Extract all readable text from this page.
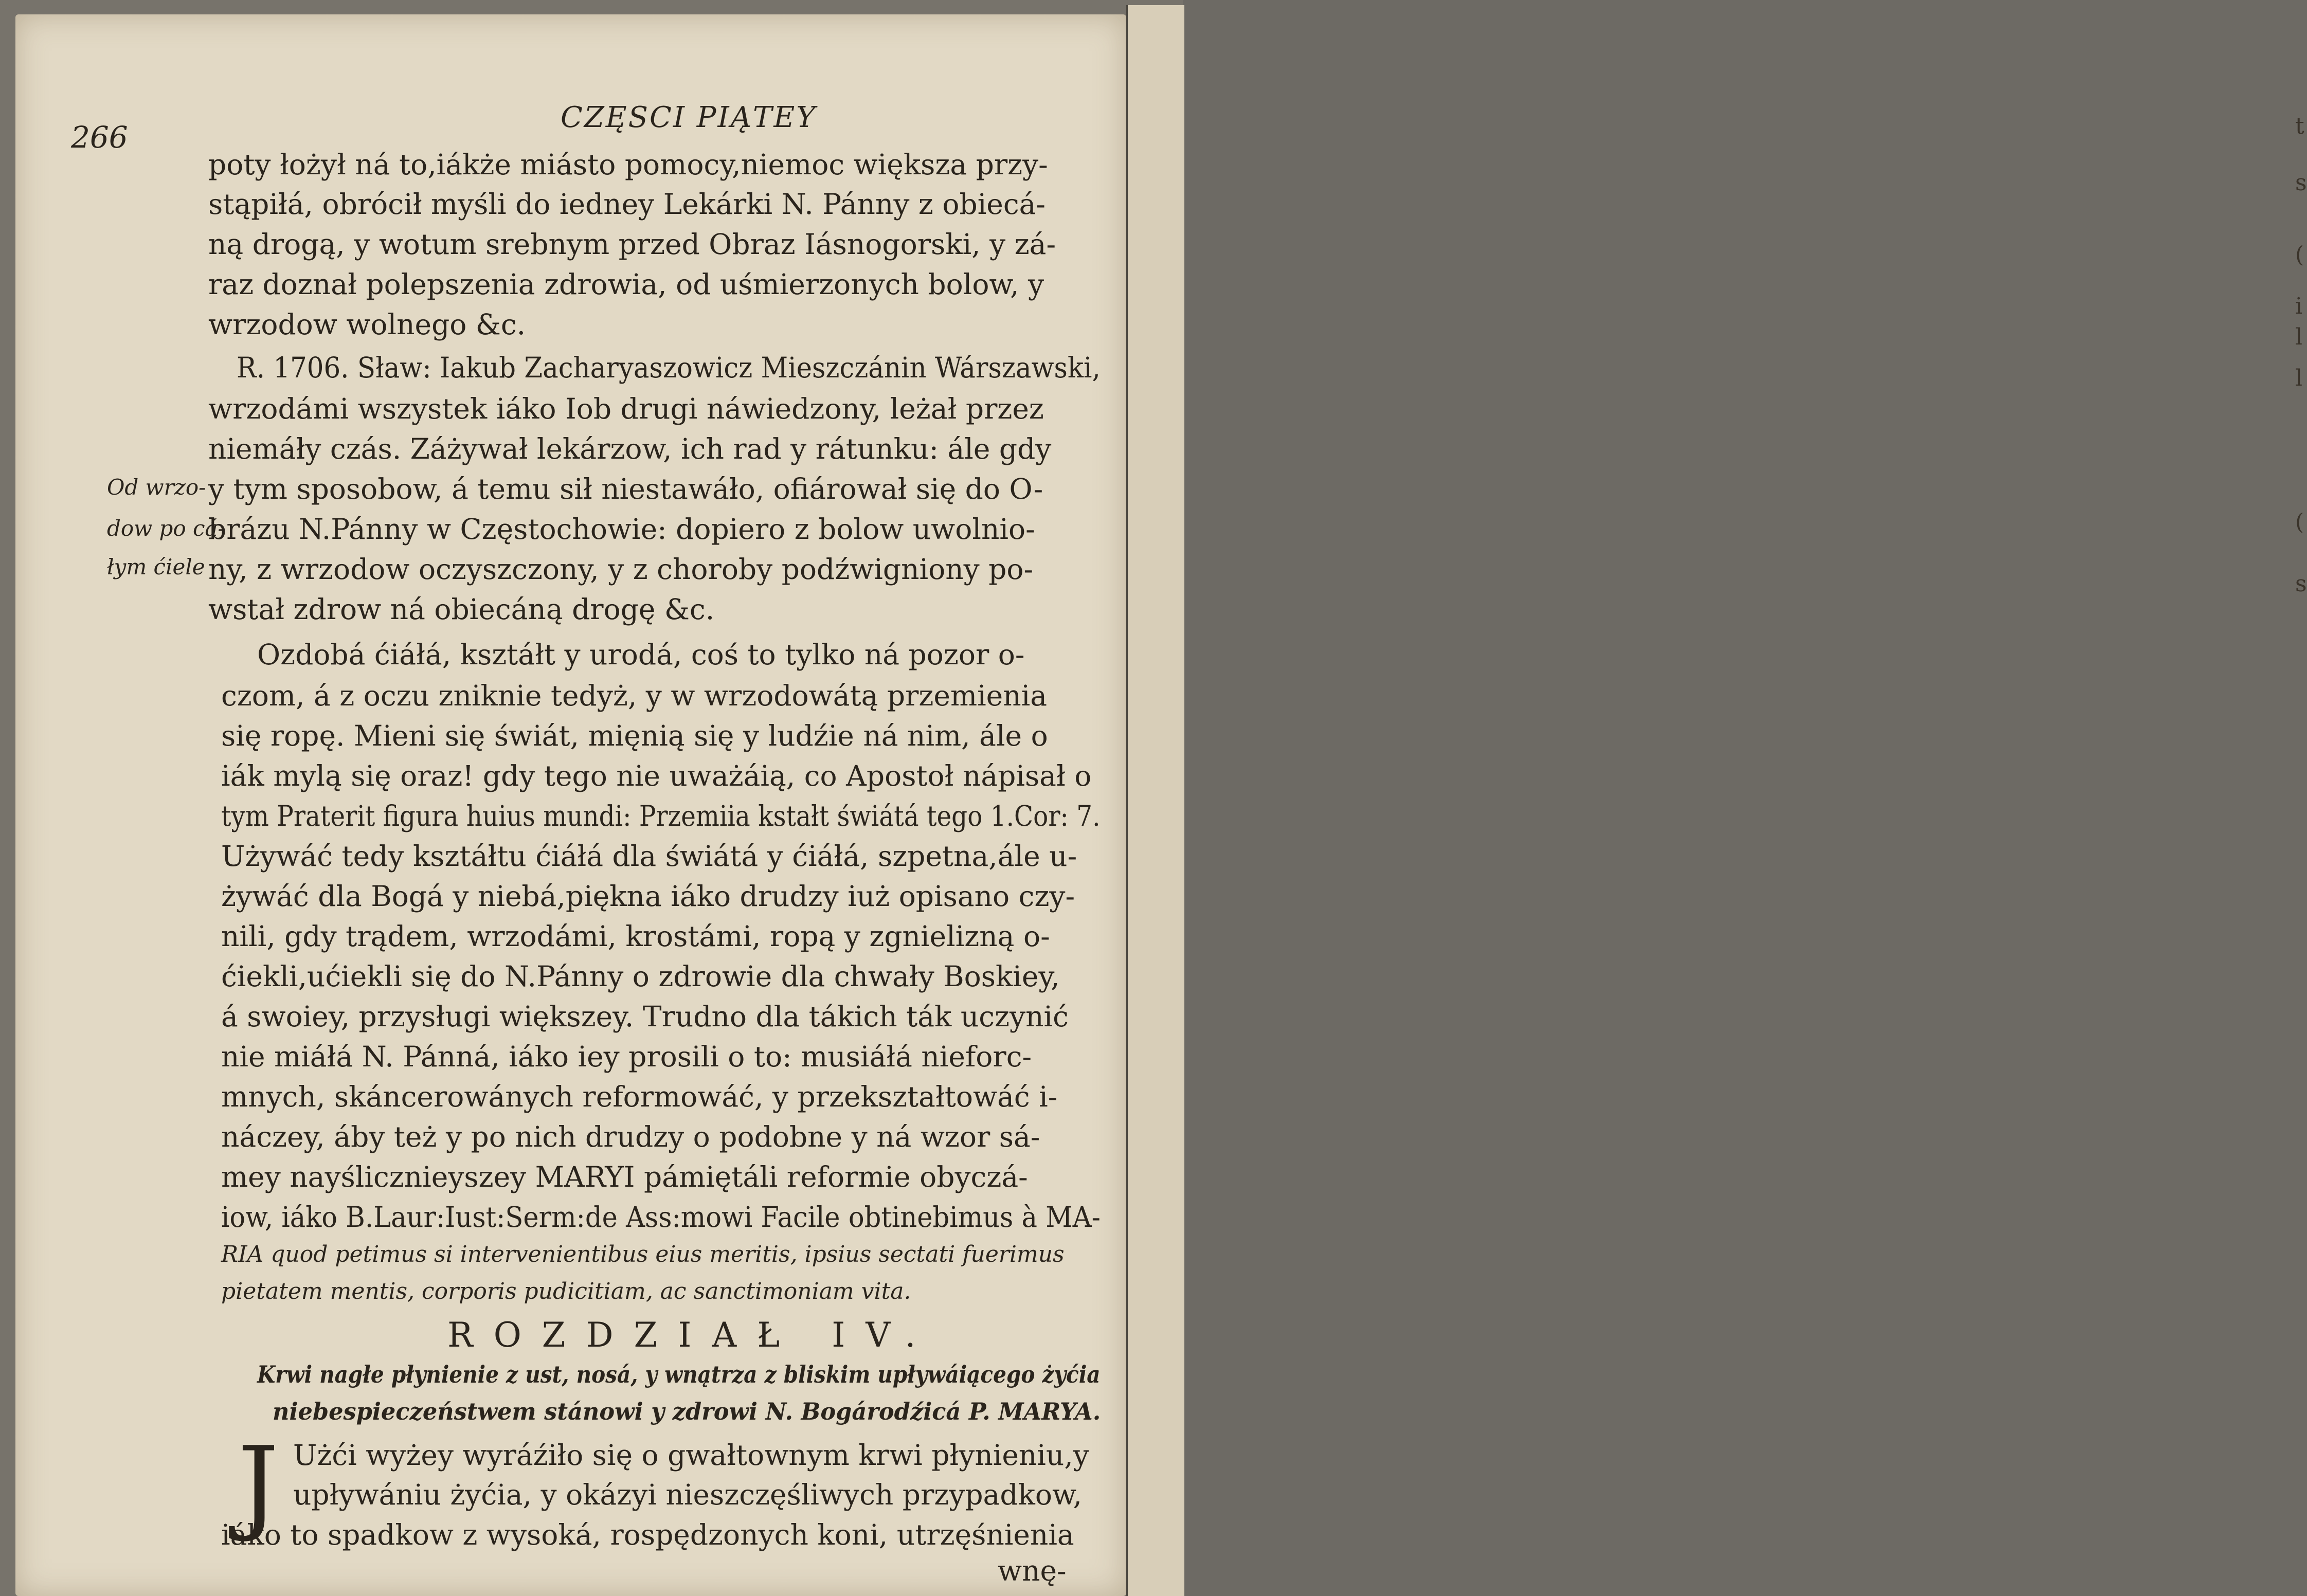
t
s
(
i
l
l
(
s
266
CZĘSCI PIĄTEY
poty łożył ná to,iákże miásto pomocy,niemoc większa przy-
stąpiłá, obrócił myśli do iedney Lekárki N. Pánny z obiecá-
ną drogą, y wotum srebnym przed Obraz Iásnogorski, y zá-
raz doznał polepszenia zdrowia, od uśmierzonych bolow, y
wrzodow wolnego &c.
R. 1706. Sław: Iakub Zacharyaszowicz Mieszczánin Wárszawski,
wrzodámi wszystek iáko Iob drugi náwiedzony, leżał przez
niemáły czás. Záżywał lekárzow, ich rad y rátunku: ále gdy
y tym sposobow, á temu sił niestawáło, ofiárował się do O-
brázu N.Pánny w Częstochowie: dopiero z bolow uwolnio-
ny, z wrzodow oczyszczony, y z choroby podźwigniony po-
wstał zdrow ná obiecáną drogę &c.
Od wrzo-
dow po cá-
łym ćiele
Ozdobá ćiáłá, ksztáłt y urodá, coś to tylko ná pozor o-
czom, á z oczu zniknie tedyż, y w wrzodowátą przemienia
się ropę. Mieni się świát, mięnią się y ludźie ná nim, ále o
iák mylą się oraz! gdy tego nie uważáią, co Apostoł nápisał o
tym Praterit figura huius mundi: Przemiia kstałt świátá tego 1.Cor: 7.
Używáć tedy ksztáłtu ćiáłá dla świátá y ćiáłá, szpetna,ále u-
żywáć dla Bogá y niebá,piękna iáko drudzy iuż opisano czy-
nili, gdy trądem, wrzodámi, krostámi, ropą y zgnielizną o-
ćiekli,ućiekli się do N.Pánny o zdrowie dla chwały Boskiey,
á swoiey, przysługi większey. Trudno dla tákich ták uczynić
nie miáłá N. Pánná, iáko iey prosili o to: musiáłá nieforc-
mnych, skáncerowánych reformowáć, y przekształtowáć i-
náczey, áby też y po nich drudzy o podobne y ná wzor sá-
mey nayślicznieyszey MARYI pámiętáli reformie obyczá-
iow, iáko B.Laur:Iust:Serm:de Ass:mowi Facile obtinebimus à MA-
RIA quod petimus si intervenientibus eius meritis, ipsius sectati fuerimus
pietatem mentis, corporis pudicitiam, ac sanctimoniam vita.
ROZDZIAŁ IV.
Krwi nagłe płynienie z ust, nosá, y wnątrza z bliskim upływáiącego żyćia
niebespieczeństwem stánowi y zdrowi N. Bogárodźicá P. MARYA.
J Użći wyżey wyráźiło się o gwałtownym krwi płynieniu,y
upływániu żyćia, y okázyi nieszczęśliwych przypadkow,
iáko to spadkow z wysoká, rospędzonych koni, utrzęśnienia
wnę-
